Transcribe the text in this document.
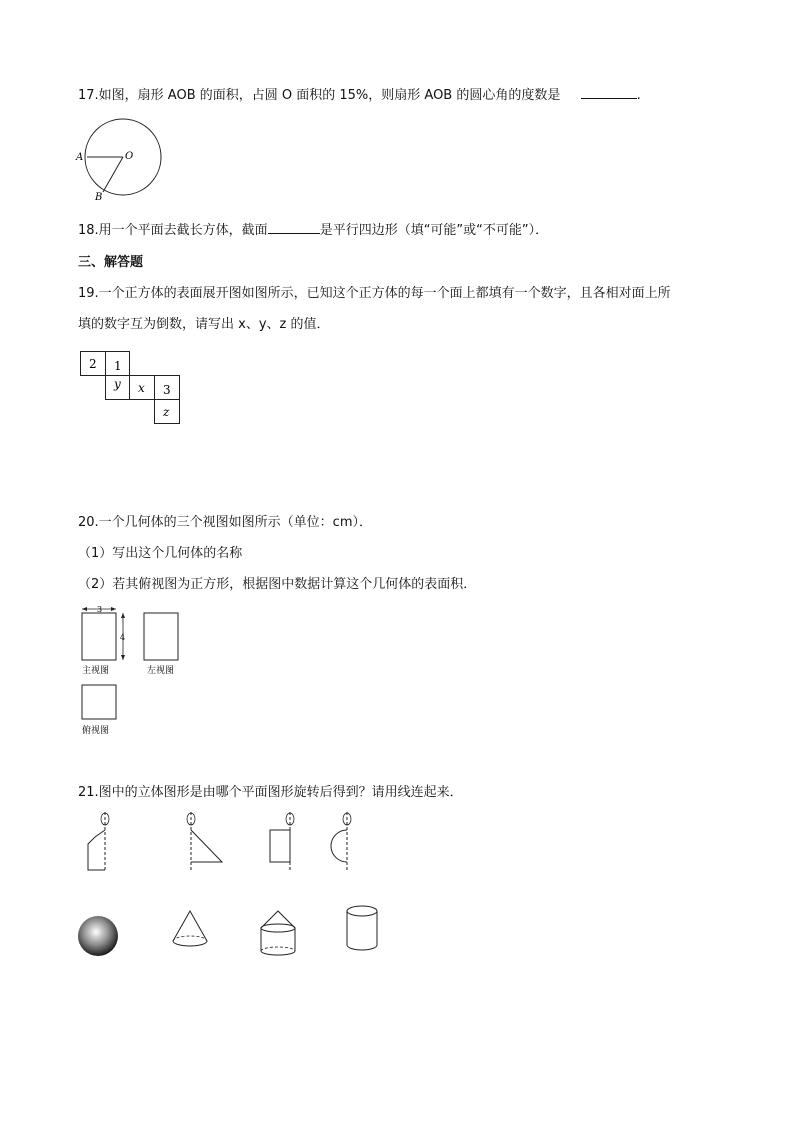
17.如图，扇形 AOB 的面积，占圆 O 面积的 15%，则扇形 AOB 的圆心角的度数是	.
A	O
B
18.用一个平面去截长方体，截面	是平行四边形（填“可能”或“不可能”）．
三、解答题
19.一个正方体的表面展开图如图所示，已知这个正方体的每一个面上都填有一个数字，且各相对面上所
填的数字互为倒数，请写出 x、y、z 的值．
2 1
y x 3
z
20.一个几何体的三个视图如图所示（单位：cm）．
（1）写出这个几何体的名称
（2）若其俯视图为正方形，根据图中数据计算这个几何体的表面积．
3
4
主视图	左视图
俯视图
21.图中的立体图形是由哪个平面图形旋转后得到？请用线连起来．
